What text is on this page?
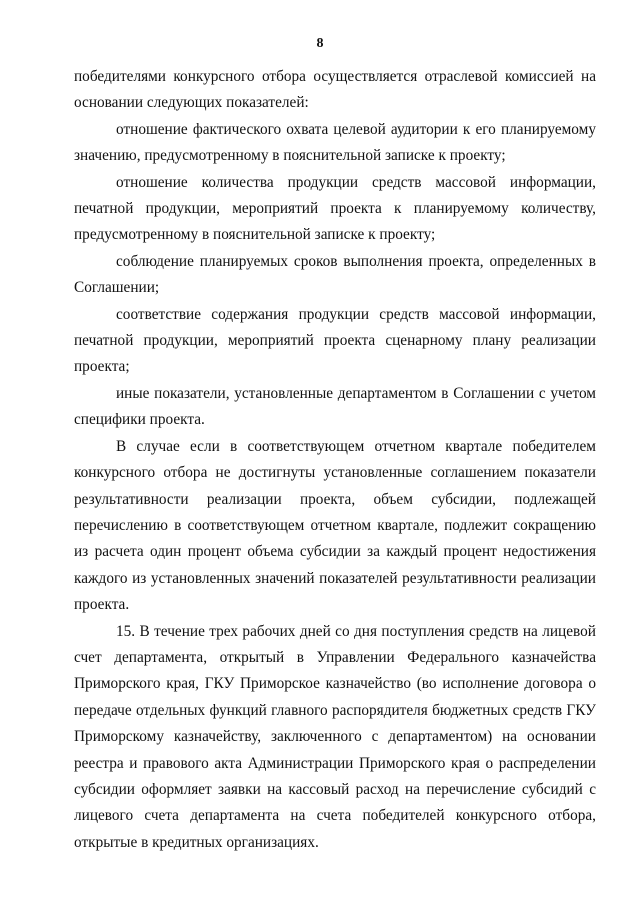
8

победителями конкурсного отбора осуществляется отраслевой комиссией на основании следующих показателей:

отношение фактического охвата целевой аудитории к его планируемому значению, предусмотренному в пояснительной записке к проекту;

отношение количества продукции средств массовой информации, печатной продукции, мероприятий проекта к планируемому количеству, предусмотренному в пояснительной записке к проекту;

соблюдение планируемых сроков выполнения проекта, определенных в Соглашении;

соответствие содержания продукции средств массовой информации, печатной продукции, мероприятий проекта сценарному плану реализации проекта;

иные показатели, установленные департаментом в Соглашении с учетом специфики проекта.

В случае если в соответствующем отчетном квартале победителем конкурсного отбора не достигнуты установленные соглашением показатели результативности реализации проекта, объем субсидии, подлежащей перечислению в соответствующем отчетном квартале, подлежит сокращению из расчета один процент объема субсидии за каждый процент недостижения каждого из установленных значений показателей результативности реализации проекта.

15. В течение трех рабочих дней со дня поступления средств на лицевой счет департамента, открытый в Управлении Федерального казначейства Приморского края, ГКУ Приморское казначейство (во исполнение договора о передаче отдельных функций главного распорядителя бюджетных средств ГКУ Приморскому казначейству, заключенного с департаментом) на основании реестра и правового акта Администрации Приморского края о распределении субсидии оформляет заявки на кассовый расход на перечисление субсидий с лицевого счета департамента на счета победителей конкурсного отбора, открытые в кредитных организациях.
